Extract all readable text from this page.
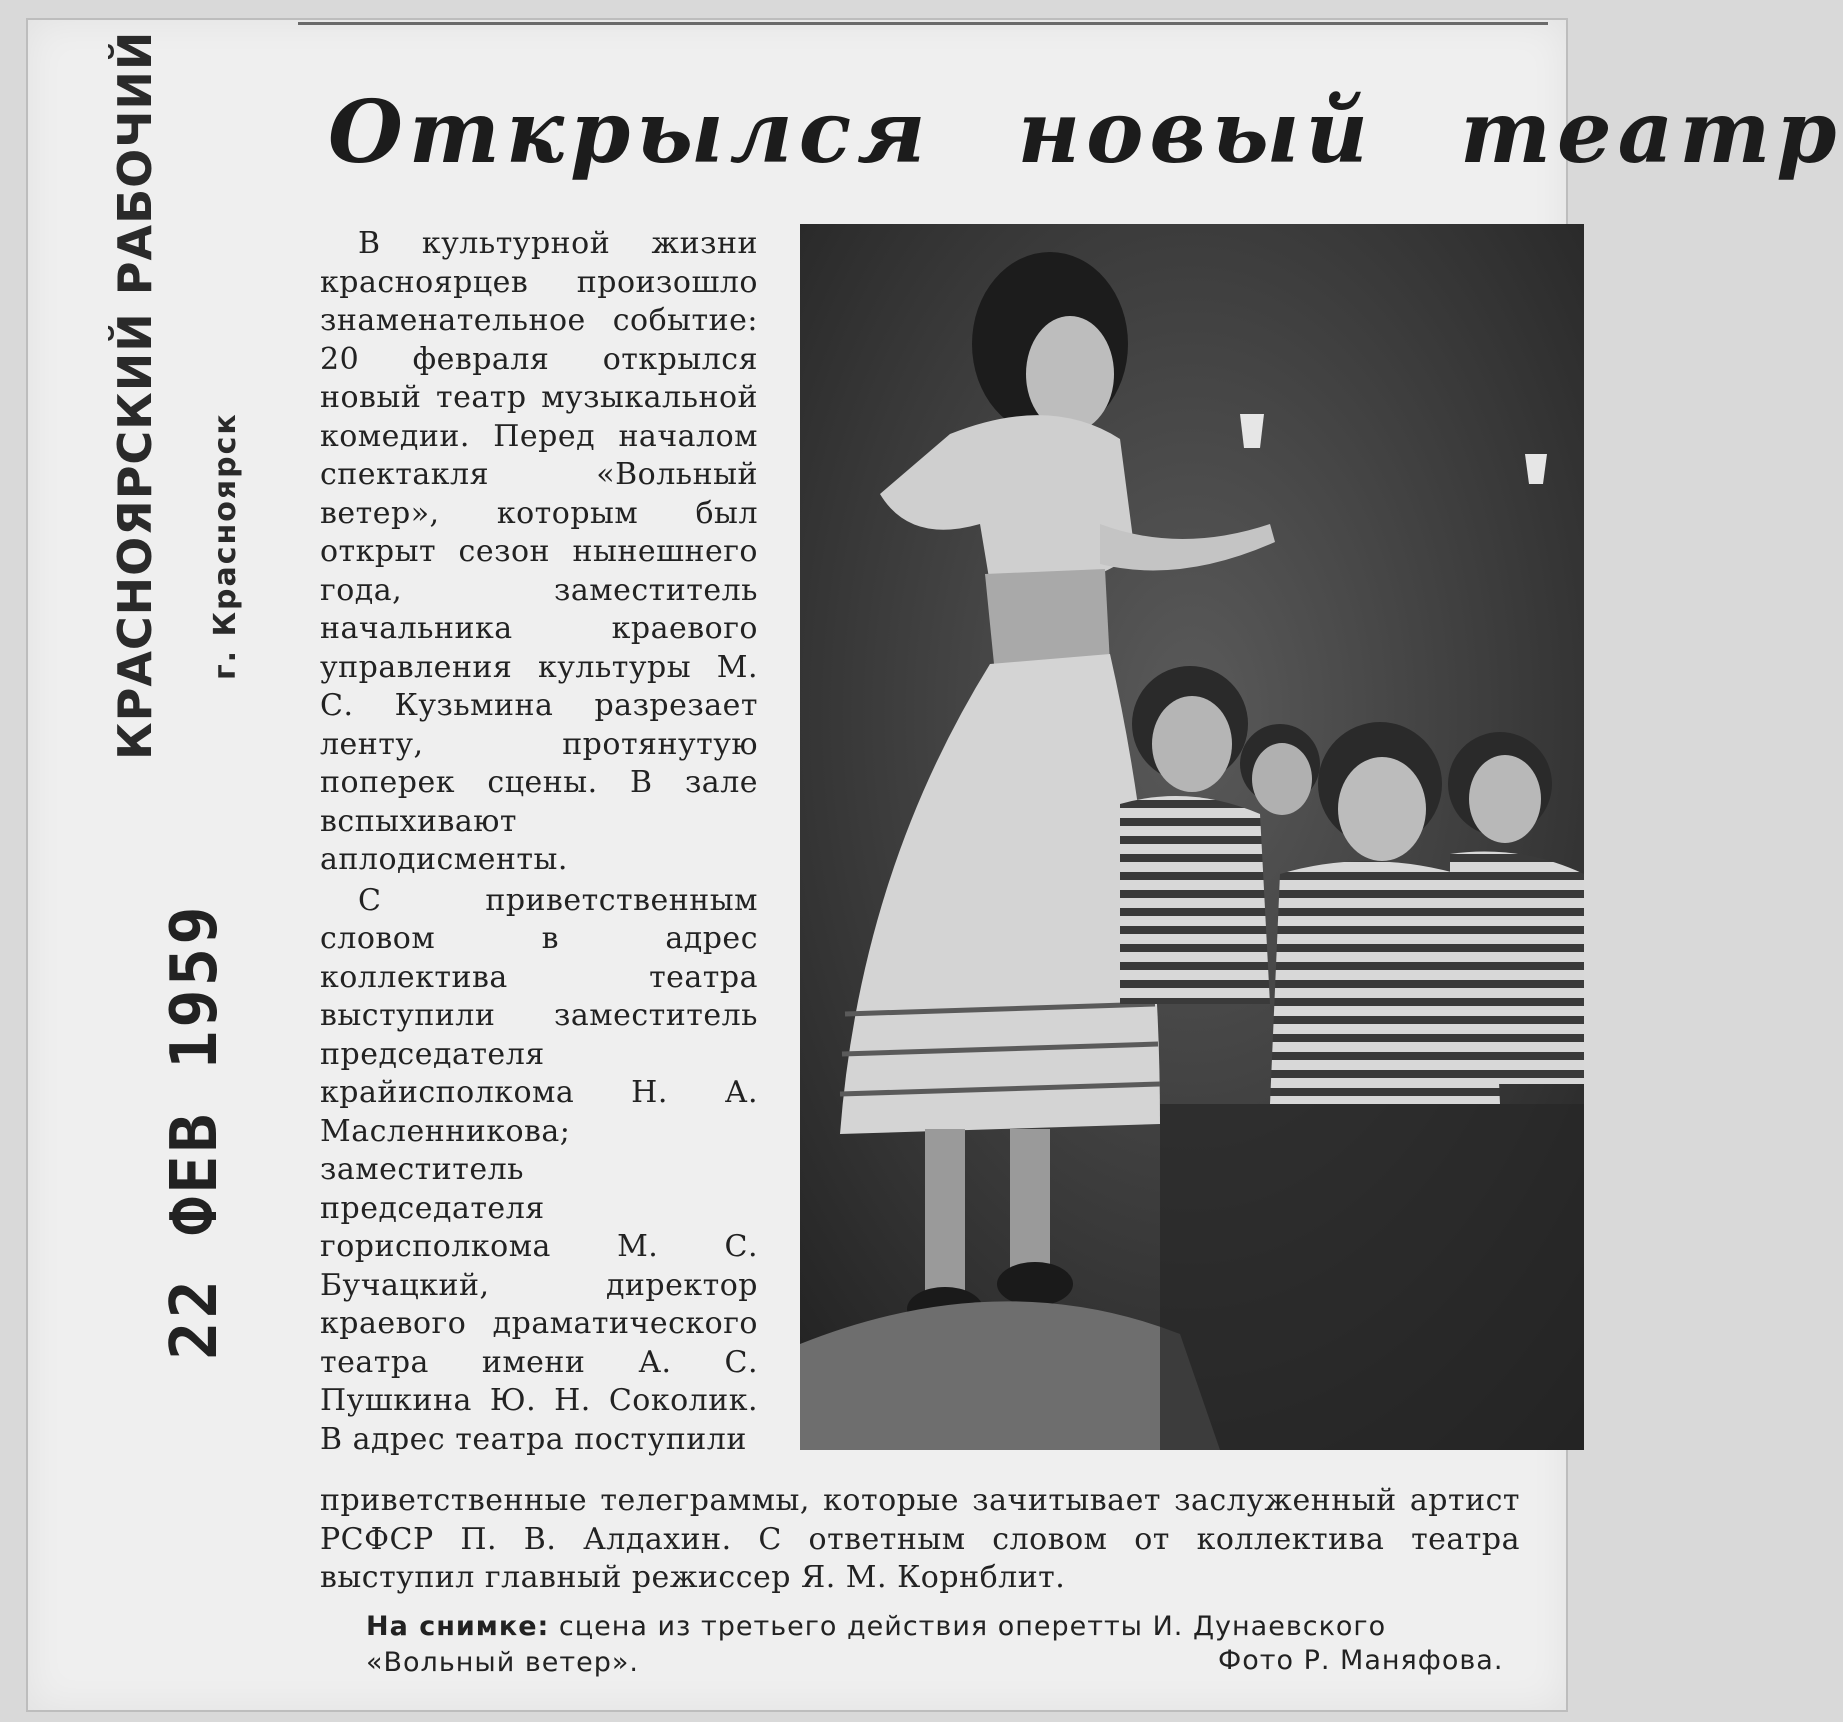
КРАСНОЯРСКИЙ РАБОЧИЙ г. Красноярск
22 ФЕВ 1959
Открылся новый театр

В культурной жизни красноярцев произошло знаменательное событие: 20 февраля открылся новый театр музыкальной комедии. Перед началом спектакля «Вольный ветер», которым был открыт сезон нынешнего года, заместитель начальника краевого управления культуры М. С. Кузьмина разрезает ленту, протянутую поперек сцены. В зале вспыхивают аплодисменты.

С приветственным словом в адрес коллектива театра выступили заместитель председателя крайисполкома Н. А. Масленникова; заместитель председателя горисполкома М. С. Бучацкий, директор краевого драматического театра имени А. С. Пушкина Ю. Н. Соколик. В адрес театра поступили

приветственные телеграммы, которые зачитывает заслуженный артист РСФСР П. В. Алдахин. С ответным словом от коллектива театра выступил главный режиссер Я. М. Корнблит.
На снимке: сцена из третьего действия оперетты И. Дунаевского «Вольный ветер».	Фото Р. Маняфова.
